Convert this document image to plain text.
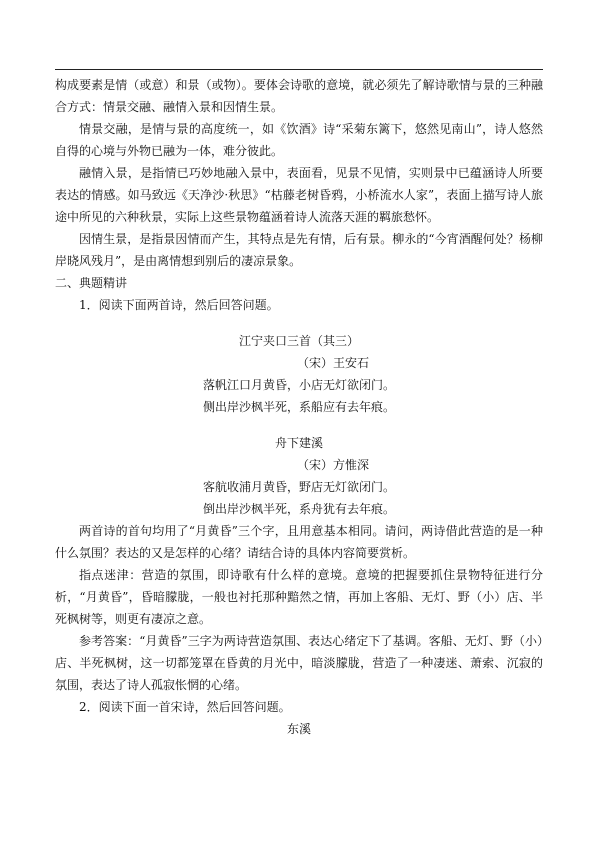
构成要素是情（或意）和景（或物）。要体会诗歌的意境，就必须先了解诗歌情与景的三种融合方式：情景交融、融情入景和因情生景。

情景交融，是情与景的高度统一，如《饮酒》诗“采菊东篱下，悠然见南山”，诗人悠然自得的心境与外物已融为一体，难分彼此。

融情入景，是指情已巧妙地融入景中，表面看，见景不见情，实则景中已蕴涵诗人所要表达的情感。如马致远《天净沙·秋思》“枯藤老树昏鸦，小桥流水人家”，表面上描写诗人旅途中所见的六种秋景，实际上这些景物蕴涵着诗人流落天涯的羁旅愁怀。

因情生景，是指景因情而产生，其特点是先有情，后有景。柳永的“今宵酒醒何处？杨柳岸晓风残月”，是由离情想到别后的凄凉景象。

二、典题精讲

1．阅读下面两首诗，然后回答问题。

江宁夹口三首（其三）

（宋）王安石

落帆江口月黄昏，小店无灯欲闭门。

侧出岸沙枫半死，系船应有去年痕。

舟下建溪

（宋）方惟深

客航收浦月黄昏，野店无灯欲闭门。

倒出岸沙枫半死，系舟犹有去年痕。

两首诗的首句均用了“月黄昏”三个字，且用意基本相同。请问，两诗借此营造的是一种什么氛围？表达的又是怎样的心绪？请结合诗的具体内容简要赏析。

指点迷津：营造的氛围，即诗歌有什么样的意境。意境的把握要抓住景物特征进行分析，“月黄昏”，昏暗朦胧，一般也衬托那种黯然之情，再加上客船、无灯、野（小）店、半死枫树等，则更有凄凉之意。

参考答案：“月黄昏”三字为两诗营造氛围、表达心绪定下了基调。客船、无灯、野（小）店、半死枫树，这一切都笼罩在昏黄的月光中，暗淡朦胧，营造了一种凄迷、萧索、沉寂的氛围，表达了诗人孤寂怅惘的心绪。

2．阅读下面一首宋诗，然后回答问题。

东溪
